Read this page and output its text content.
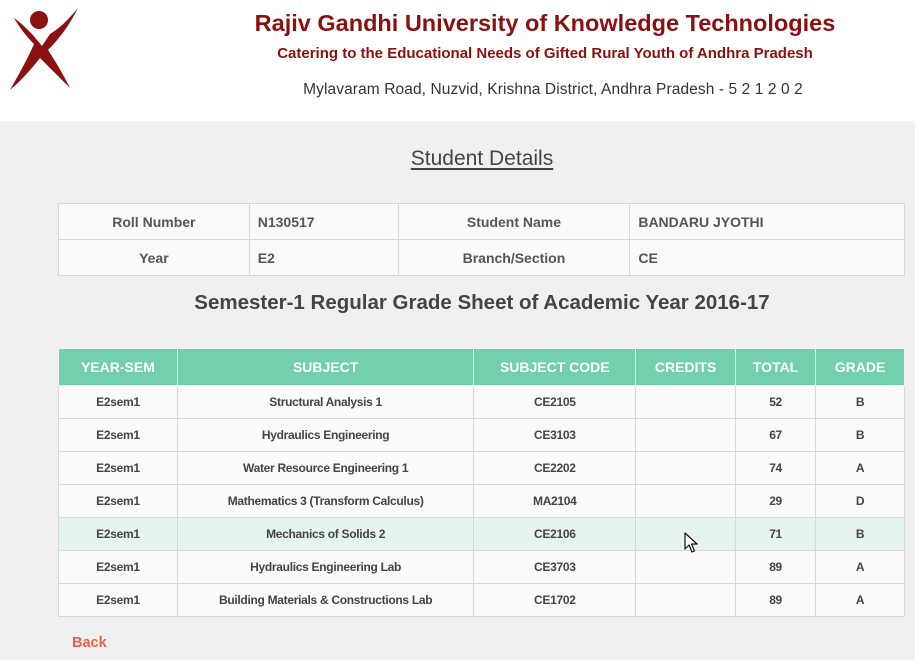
Rajiv Gandhi University of Knowledge Technologies
Catering to the Educational Needs of Gifted Rural Youth of Andhra Pradesh
Mylavaram Road, Nuzvid, Krishna District, Andhra Pradesh - 5 2 1 2 0 2
Student Details
Roll Number	N130517	Student Name	BANDARU JYOTHI
Year	E2	Branch/Section	CE
Semester-1 Regular Grade Sheet of Academic Year 2016-17
YEAR-SEM	SUBJECT	SUBJECT CODE	CREDITS	TOTAL	GRADE
E2sem1	Structural Analysis 1	CE2105		52	B
E2sem1	Hydraulics Engineering	CE3103		67	B
E2sem1	Water Resource Engineering 1	CE2202		74	A
E2sem1	Mathematics 3 (Transform Calculus)	MA2104		29	D
E2sem1	Mechanics of Solids 2	CE2106		71	B
E2sem1	Hydraulics Engineering Lab	CE3703		89	A
E2sem1	Building Materials & Constructions Lab	CE1702		89	A
Back
